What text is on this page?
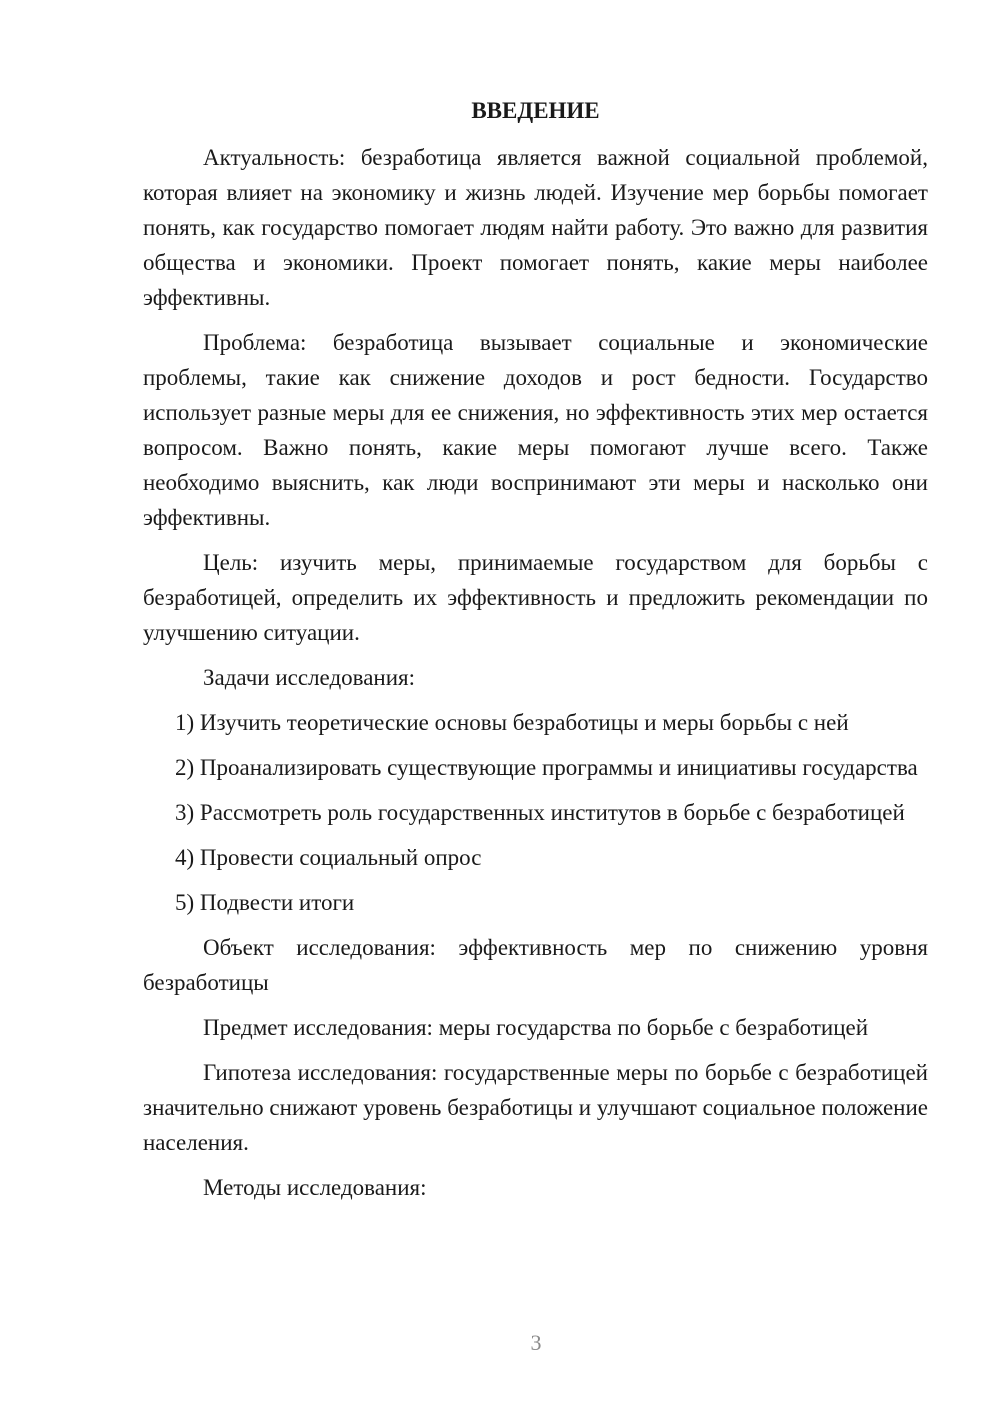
ВВЕДЕНИЕ

Актуальность: безработица является важной социальной проблемой, которая влияет на экономику и жизнь людей. Изучение мер борьбы помогает понять, как государство помогает людям найти работу. Это важно для развития общества и экономики. Проект помогает понять, какие меры наиболее эффективны.

Проблема: безработица вызывает социальные и экономические проблемы, такие как снижение доходов и рост бедности. Государство использует разные меры для ее снижения, но эффективность этих мер остается вопросом. Важно понять, какие меры помогают лучше всего. Также необходимо выяснить, как люди воспринимают эти меры и насколько они эффективны.

Цель: изучить меры, принимаемые государством для борьбы с безработицей, определить их эффективность и предложить рекомендации по улучшению ситуации.

Задачи исследования:

1) Изучить теоретические основы безработицы и меры борьбы с ней

2) Проанализировать существующие программы и инициативы государства

3) Рассмотреть роль государственных институтов в борьбе с безработицей

4) Провести социальный опрос

5) Подвести итоги

Объект исследования: эффективность мер по снижению уровня безработицы

Предмет исследования: меры государства по борьбе с безработицей

Гипотеза исследования: государственные меры по борьбе с безработицей значительно снижают уровень безработицы и улучшают социальное положение населения.

Методы исследования:

3
